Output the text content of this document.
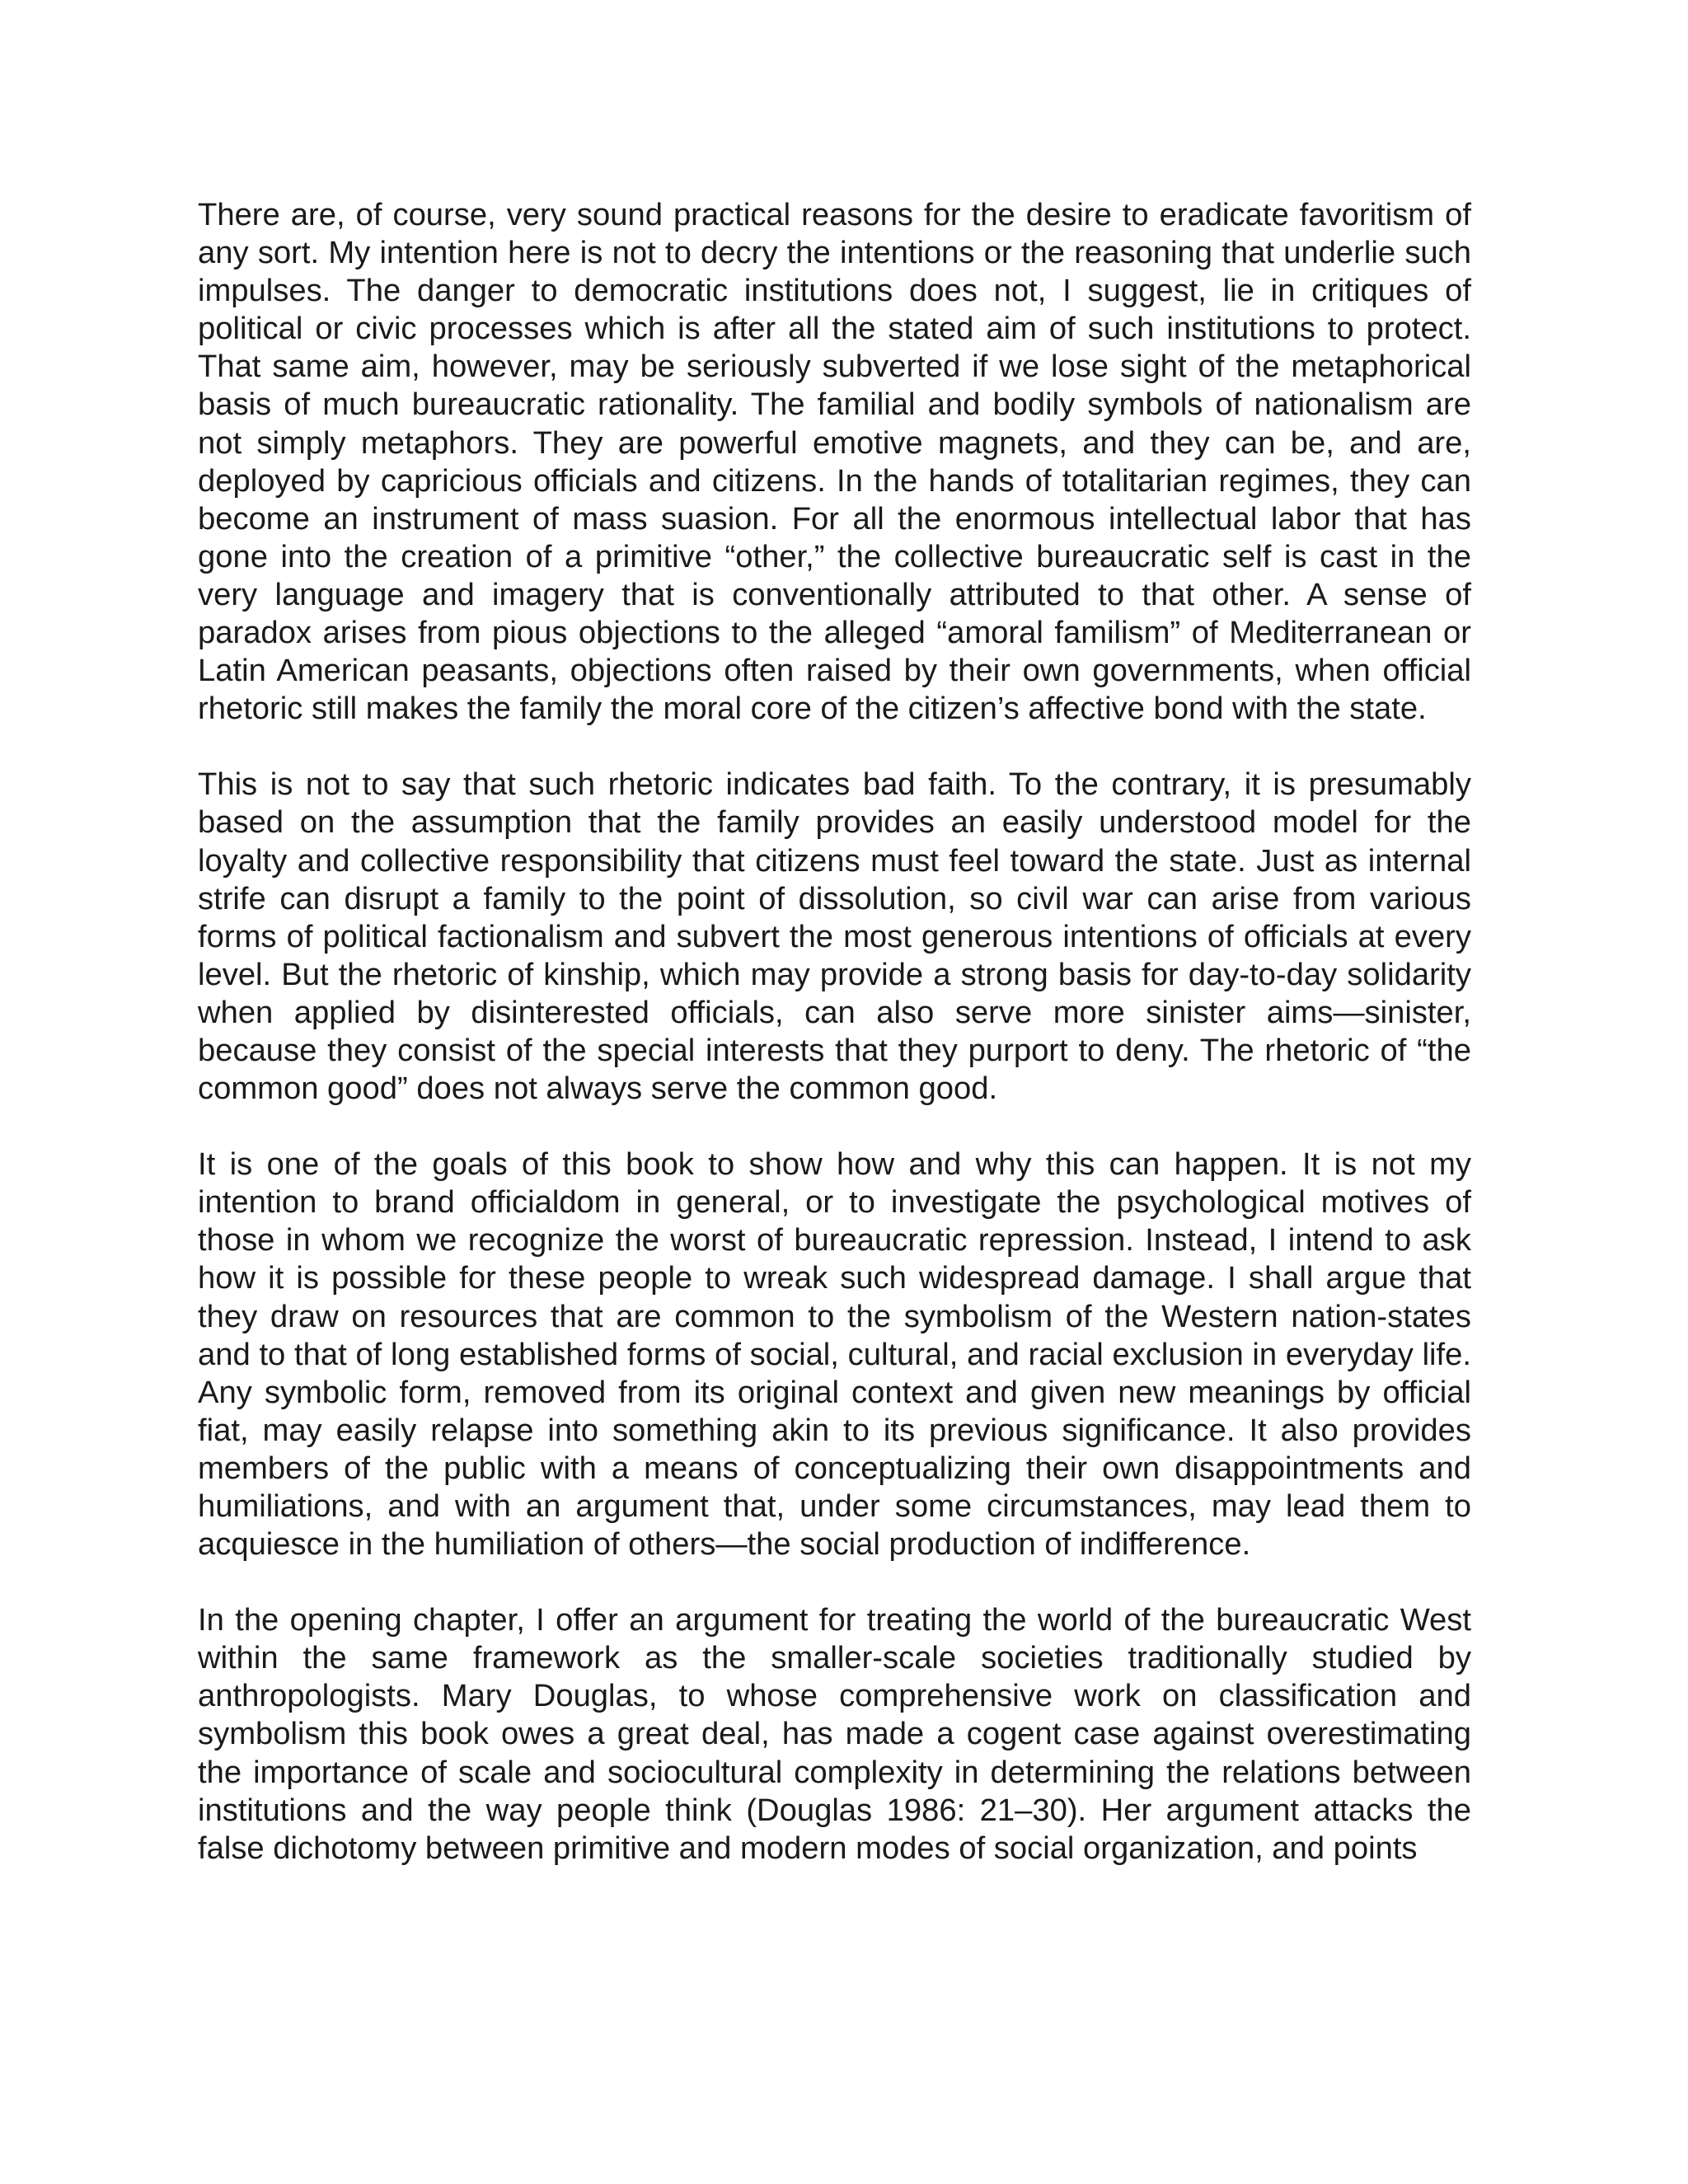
There are, of course, very sound practical reasons for the desire to eradicate favoritism of any sort. My intention here is not to decry the intentions or the reasoning that underlie such impulses. The danger to democratic institutions does not, I suggest, lie in critiques of political or civic processes which is after all the stated aim of such institutions to protect. That same aim, however, may be seriously subverted if we lose sight of the metaphorical basis of much bureaucratic rationality. The familial and bodily symbols of nationalism are not simply metaphors. They are powerful emotive magnets, and they can be, and are, deployed by capricious officials and citizens. In the hands of totalitarian regimes, they can become an instrument of mass suasion. For all the enormous intellectual labor that has gone into the creation of a primitive “other,” the collective bureaucratic self is cast in the very language and imagery that is conventionally attributed to that other. A sense of paradox arises from pious objections to the alleged “amoral familism” of Mediterranean or Latin American peasants, objections often raised by their own governments, when official rhetoric still makes the family the moral core of the citizen’s affective bond with the state.

This is not to say that such rhetoric indicates bad faith. To the contrary, it is presumably based on the assumption that the family provides an easily understood model for the loyalty and collective responsibility that citizens must feel toward the state. Just as internal strife can disrupt a family to the point of dissolution, so civil war can arise from various forms of political factionalism and subvert the most generous intentions of officials at every level. But the rhetoric of kinship, which may provide a strong basis for day-to-day solidarity when applied by disinterested officials, can also serve more sinister aims—sinister, because they consist of the special interests that they purport to deny. The rhetoric of “the common good” does not always serve the common good.

It is one of the goals of this book to show how and why this can happen. It is not my intention to brand officialdom in general, or to investigate the psychological motives of those in whom we recognize the worst of bureaucratic repression. Instead, I intend to ask how it is possible for these people to wreak such widespread damage. I shall argue that they draw on resources that are common to the symbolism of the Western nation-states and to that of long established forms of social, cultural, and racial exclusion in everyday life. Any symbolic form, removed from its original context and given new meanings by official fiat, may easily relapse into something akin to its previous significance. It also provides members of the public with a means of conceptualizing their own disappointments and humiliations, and with an argument that, under some circumstances, may lead them to acquiesce in the humiliation of others—the social production of indifference.

In the opening chapter, I offer an argument for treating the world of the bureaucratic West within the same framework as the smaller-scale societies traditionally studied by anthropologists. Mary Douglas, to whose comprehensive work on classification and symbolism this book owes a great deal, has made a cogent case against overestimating the importance of scale and sociocultural complexity in determining the relations between institutions and the way people think (Douglas 1986: 21–30). Her argument attacks the false dichotomy between primitive and modern modes of social organization, and points
